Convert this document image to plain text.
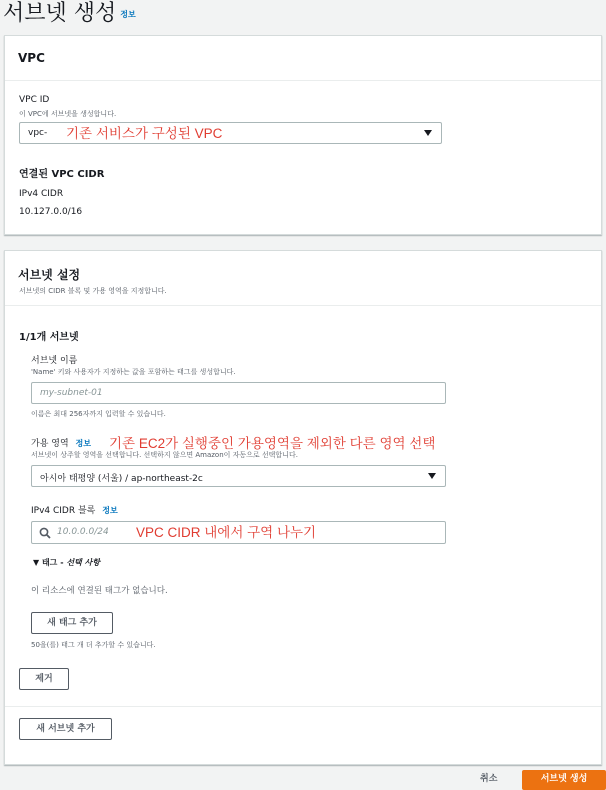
서브넷 생성 정보
VPC
VPC ID
이 VPC에 서브넷을 생성합니다.
vpc-
연결된 VPC CIDR
IPv4 CIDR
10.127.0.0/16
서브넷 설정
서브넷의 CIDR 블록 및 가용 영역을 지정합니다.
1/1개 서브넷
서브넷 이름
'Name' 키와 사용자가 지정하는 값을 포함하는 태그를 생성합니다.
my-subnet-01
이름은 최대 256자까지 입력할 수 있습니다.
가용 영역 정보
서브넷이 상주할 영역을 선택합니다. 선택하지 않으면 Amazon이 자동으로 선택합니다.
아시아 태평양 (서울) / ap-northeast-2c
IPv4 CIDR 블록 정보
10.0.0.0/24
▼ 태그 - 선택 사항
이 리소스에 연결된 태그가 없습니다.
새 태그 추가
50을(를) 태그 개 더 추가할 수 있습니다.
제거
새 서브넷 추가
취소	서브넷 생성
기존 서비스가 구성된 VPC
기존 EC2가 실행중인 가용영역을 제외한 다른 영역 선택
VPC CIDR 내에서 구역 나누기
